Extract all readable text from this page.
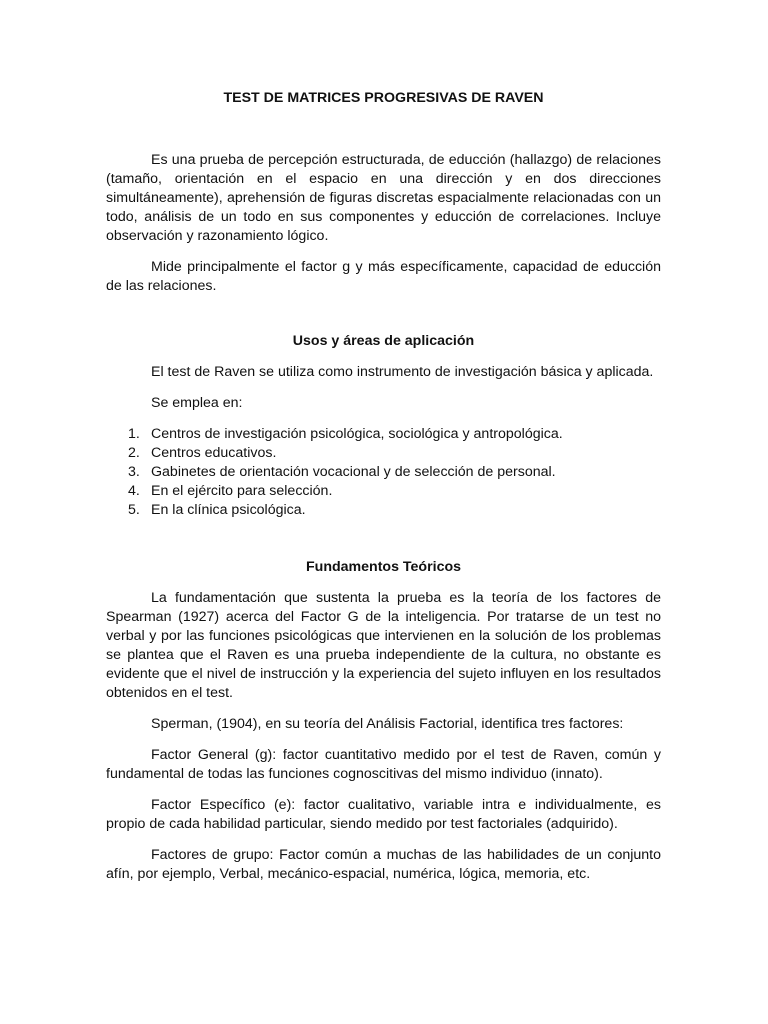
TEST DE MATRICES PROGRESIVAS DE RAVEN

Es una prueba de percepción estructurada, de educción (hallazgo) de relaciones (tamaño, orientación en el espacio en una dirección y en dos direcciones simultáneamente), aprehensión de figuras discretas espacialmente relacionadas con un todo, análisis de un todo en sus componentes y educción de correlaciones. Incluye observación y razonamiento lógico.

Mide principalmente el factor g y más específicamente, capacidad de educción de las relaciones.

Usos y áreas de aplicación

El test de Raven se utiliza como instrumento de investigación básica y aplicada.

Se emplea en:

1. Centros de investigación psicológica, sociológica y antropológica.
2. Centros educativos.
3. Gabinetes de orientación vocacional y de selección de personal.
4. En el ejército para selección.
5. En la clínica psicológica.
Fundamentos Teóricos

La fundamentación que sustenta la prueba es la teoría de los factores de Spearman (1927) acerca del Factor G de la inteligencia. Por tratarse de un test no verbal y por las funciones psicológicas que intervienen en la solución de los problemas se plantea que el Raven es una prueba independiente de la cultura, no obstante es evidente que el nivel de instrucción y la experiencia del sujeto influyen en los resultados obtenidos en el test.

Sperman, (1904), en su teoría del Análisis Factorial, identifica tres factores:

Factor General (g): factor cuantitativo medido por el test de Raven, común y fundamental de todas las funciones cognoscitivas del mismo individuo (innato).

Factor Específico (e): factor cualitativo, variable intra e individualmente, es propio de cada habilidad particular, siendo medido por test factoriales (adquirido).

Factores de grupo: Factor común a muchas de las habilidades de un conjunto afín, por ejemplo, Verbal, mecánico-espacial, numérica, lógica, memoria, etc.
